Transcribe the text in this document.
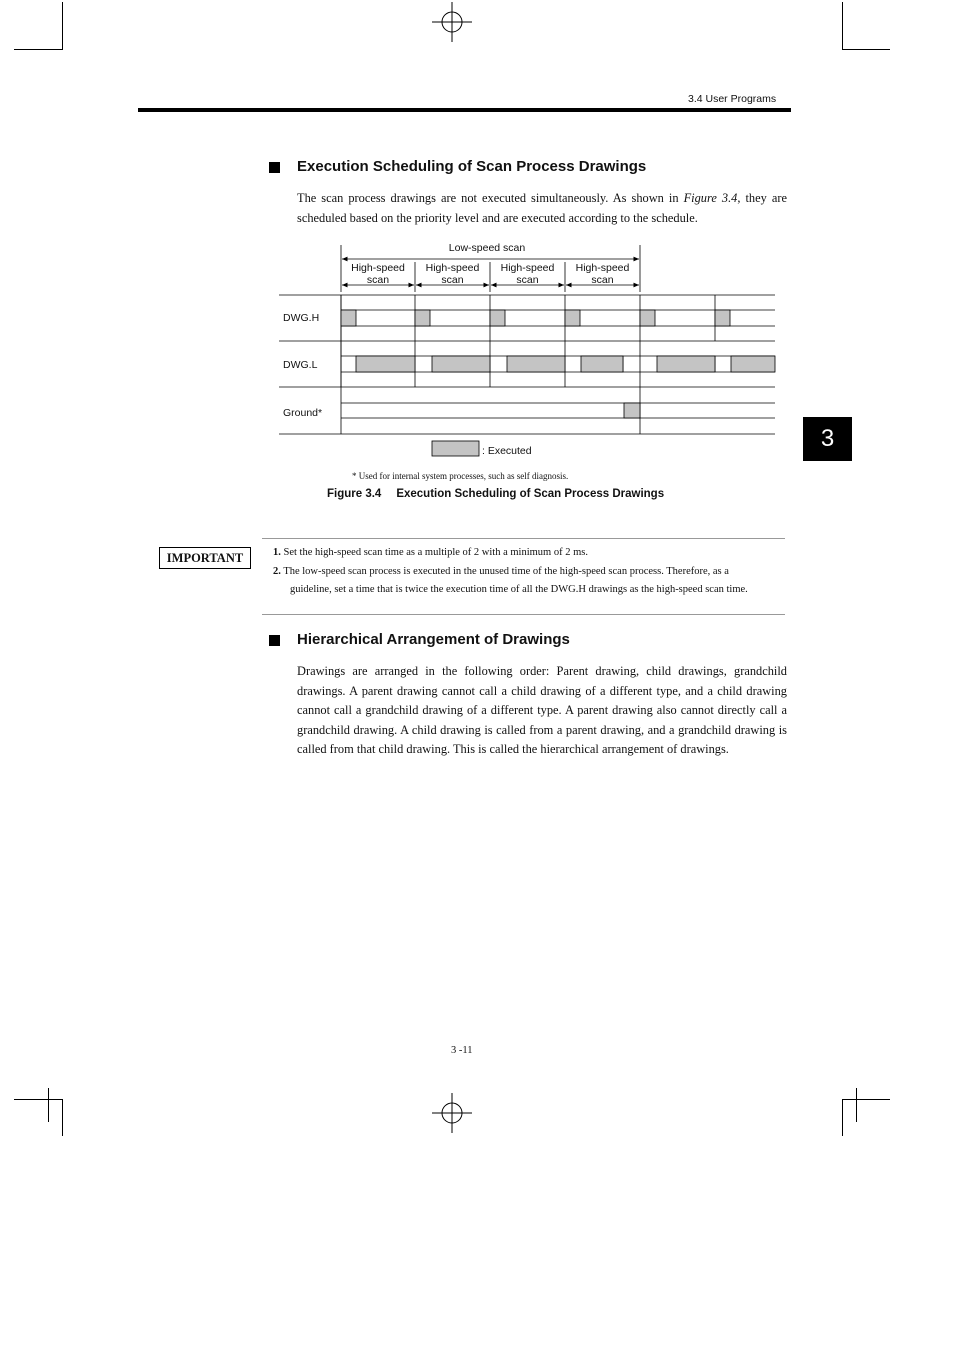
3.4 User Programs
3
Execution Scheduling of Scan Process Drawings
The scan process drawings are not executed simultaneously. As shown in Figure 3.4, they are scheduled based on the priority level and are executed according to the schedule.
Low-speed scan
DWG.H
DWG.L
Ground*
: Executed
High-speed scan
High-speed scan
High-speed scan
High-speed scan
* Used for internal system processes, such as self diagnosis.
Figure 3.4 Execution Scheduling of Scan Process Drawings
IMPORTANT	1. Set the high-speed scan time as a multiple of 2 with a minimum of 2 ms.
2. The low-speed scan process is executed in the unused time of the high-speed scan process. Therefore, as a
guideline, set a time that is twice the execution time of all the DWG.H drawings as the high-speed scan time.
Hierarchical Arrangement of Drawings
Drawings are arranged in the following order: Parent drawing, child drawings, grandchild drawings. A parent drawing cannot call a child drawing of a different type, and a child drawing cannot call a grandchild drawing of a different type. A parent drawing also cannot directly call a grandchild drawing. A child drawing is called from a parent drawing, and a grandchild drawing is called from that child drawing. This is called the hierarchical arrangement of drawings.
3 -11
